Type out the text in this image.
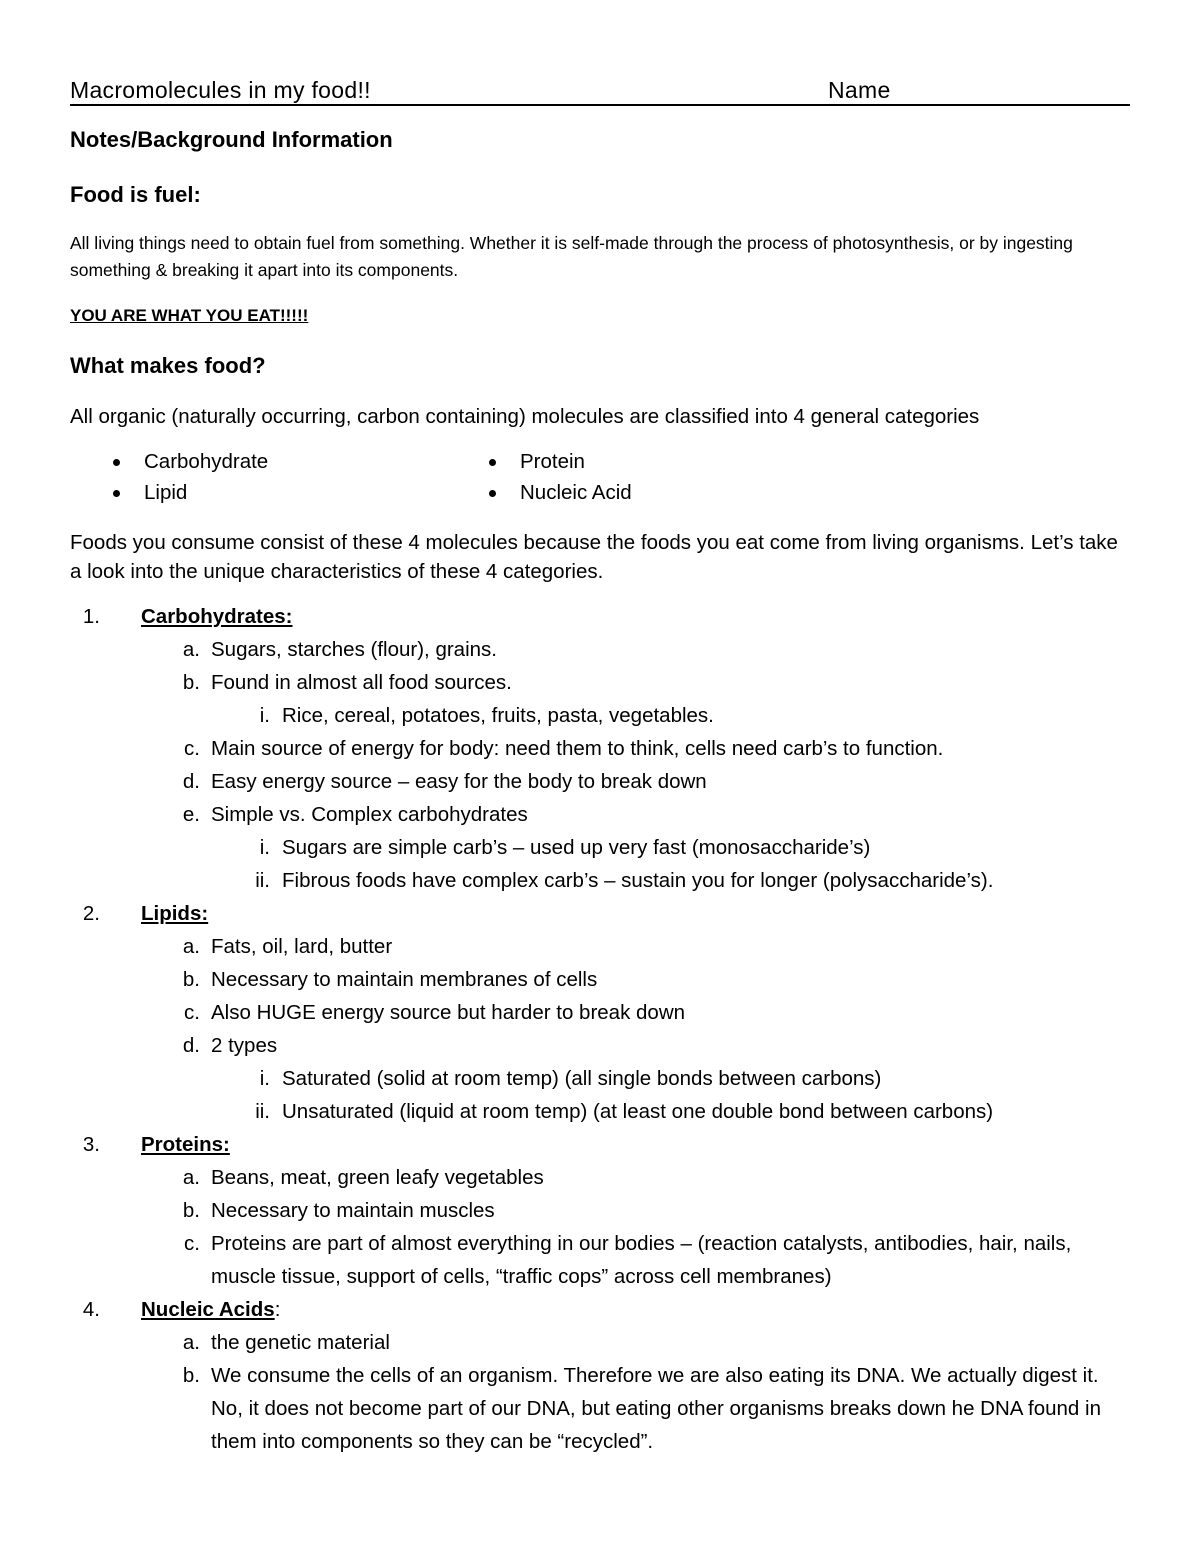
Macromolecules in my food!!	Name
Notes/Background Information
Food is fuel:

All living things need to obtain fuel from something. Whether it is self-made through the process of photosynthesis, or by ingesting something & breaking it apart into its components.

YOU ARE WHAT YOU EAT!!!!!
What makes food?

All organic (naturally occurring, carbon containing) molecules are classified into 4 general categories

Carbohydrate
Lipid
Protein
Nucleic Acid

Foods you consume consist of these 4 molecules because the foods you eat come from living organisms. Let’s take a look into the unique characteristics of these 4 categories.

1. Carbohydrates:
a. Sugars, starches (flour), grains.
b. Found in almost all food sources.
i. Rice, cereal, potatoes, fruits, pasta, vegetables.
c. Main source of energy for body: need them to think, cells need carb’s to function.
d. Easy energy source – easy for the body to break down
e. Simple vs. Complex carbohydrates
i. Sugars are simple carb’s – used up very fast (monosaccharide’s)
ii. Fibrous foods have complex carb’s – sustain you for longer (polysaccharide’s).
2. Lipids:
a. Fats, oil, lard, butter
b. Necessary to maintain membranes of cells
c. Also HUGE energy source but harder to break down
d. 2 types
i. Saturated (solid at room temp) (all single bonds between carbons)
ii. Unsaturated (liquid at room temp) (at least one double bond between carbons)
3. Proteins:
a. Beans, meat, green leafy vegetables
b. Necessary to maintain muscles
c. Proteins are part of almost everything in our bodies – (reaction catalysts, antibodies, hair, nails, muscle tissue, support of cells, “traffic cops” across cell membranes)
4. Nucleic Acids:
a. the genetic material
b. We consume the cells of an organism. Therefore we are also eating its DNA. We actually digest it. No, it does not become part of our DNA, but eating other organisms breaks down he DNA found in them into components so they can be “recycled”.
